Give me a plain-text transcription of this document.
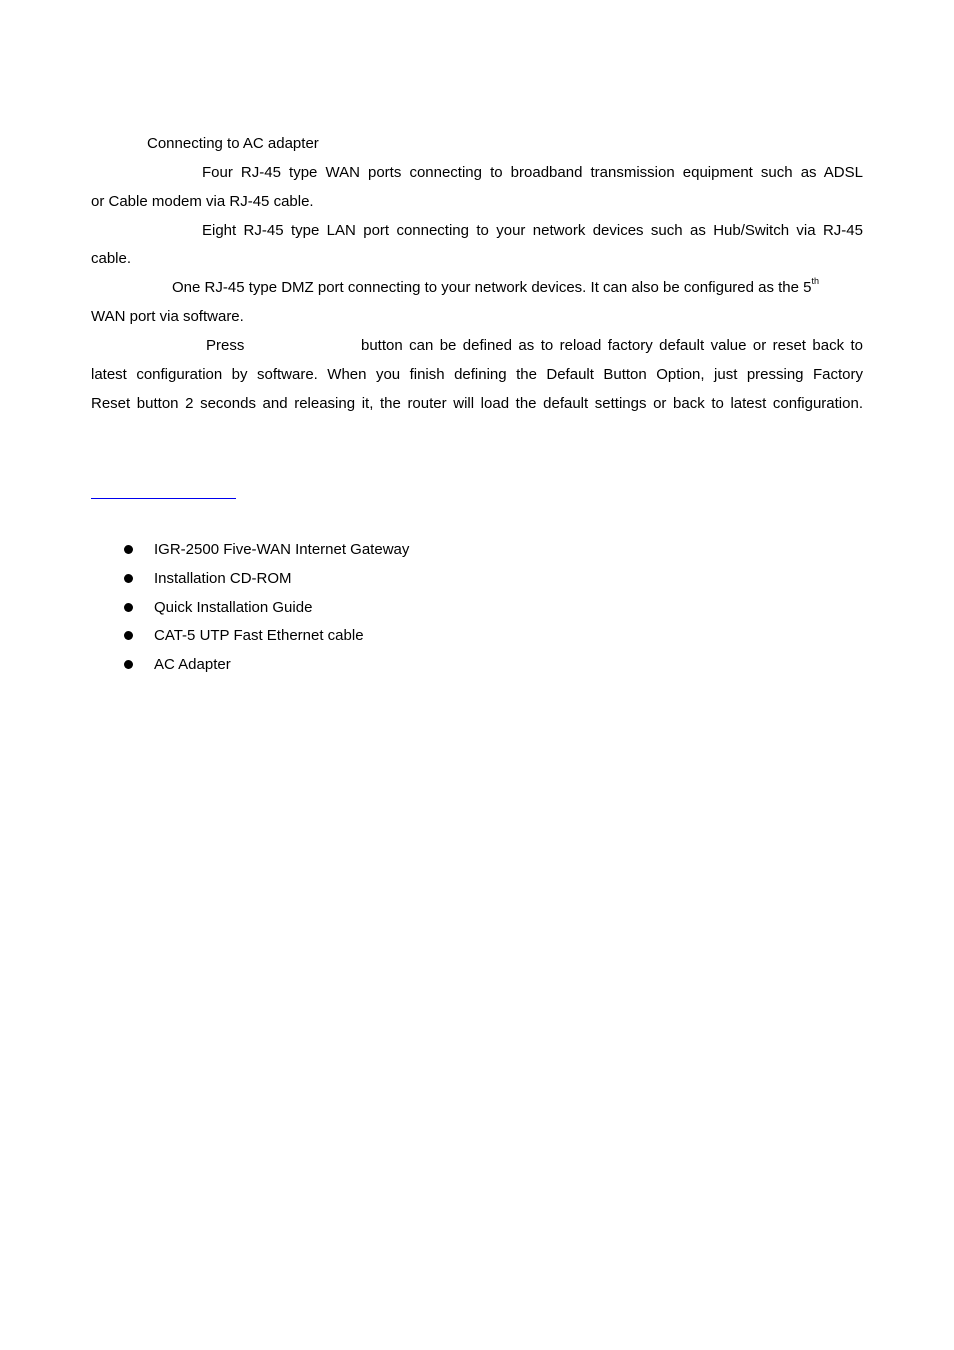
Connecting to AC adapter
Four RJ-45 type WAN ports connecting to broadband transmission equipment such as ADSL
or Cable modem via RJ-45 cable.
Eight RJ-45 type LAN port connecting to your network devices such as Hub/Switch via RJ-45
cable.
One RJ-45 type DMZ port connecting to your network devices. It can also be configured as the 5th
WAN port via software.
Press	button can be defined as to reload factory default value or reset back to
latest configuration by software. When you finish defining the Default Button Option, just pressing Factory
Reset button 2 seconds and releasing it, the router will load the default settings or back to latest configuration.
IGR-2500 Five-WAN Internet Gateway
Installation CD-ROM
Quick Installation Guide
CAT-5 UTP Fast Ethernet cable
AC Adapter
